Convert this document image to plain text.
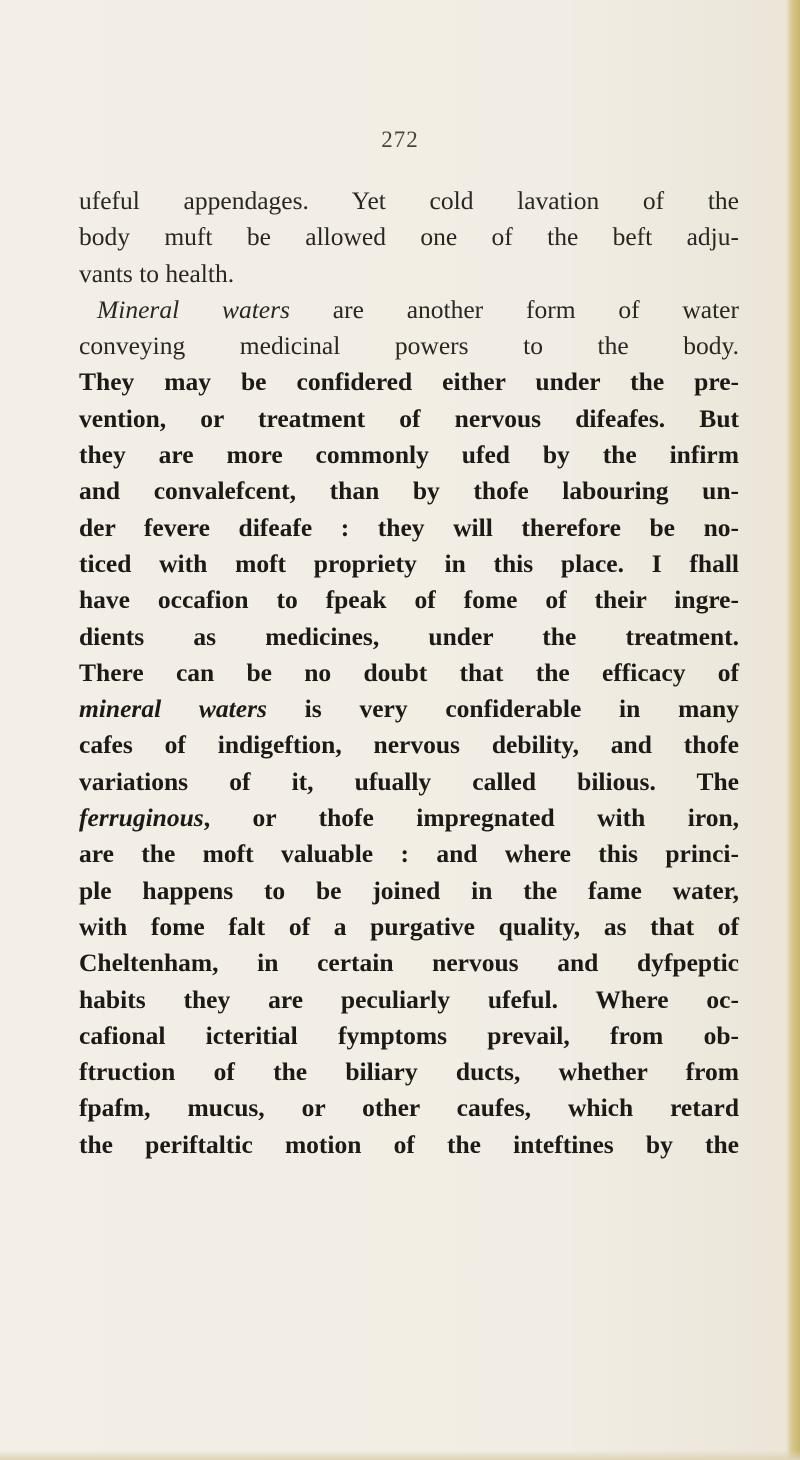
272
ufeful appendages. Yet cold lavation of the
body muft be allowed one of the beft adju-
vants to health.
Mineral waters are another form of water
conveying medicinal powers to the body.
They may be confidered either under the pre-
vention, or treatment of nervous difeafes. But
they are more commonly ufed by the infirm
and convalefcent, than by thofe labouring un-
der fevere difeafe : they will therefore be no-
ticed with moft propriety in this place. I fhall
have occafion to fpeak of fome of their ingre-
dients as medicines, under the treatment.
There can be no doubt that the efficacy of
mineral waters is very confiderable in many
cafes of indigeftion, nervous debility, and thofe
variations of it, ufually called bilious. The
ferruginous, or thofe impregnated with iron,
are the moft valuable : and where this princi-
ple happens to be joined in the fame water,
with fome falt of a purgative quality, as that of
Cheltenham, in certain nervous and dyfpeptic
habits they are peculiarly ufeful. Where oc-
cafional icteritial fymptoms prevail, from ob-
ftruction of the biliary ducts, whether from
fpafm, mucus, or other caufes, which retard
the periftaltic motion of the inteftines by the
